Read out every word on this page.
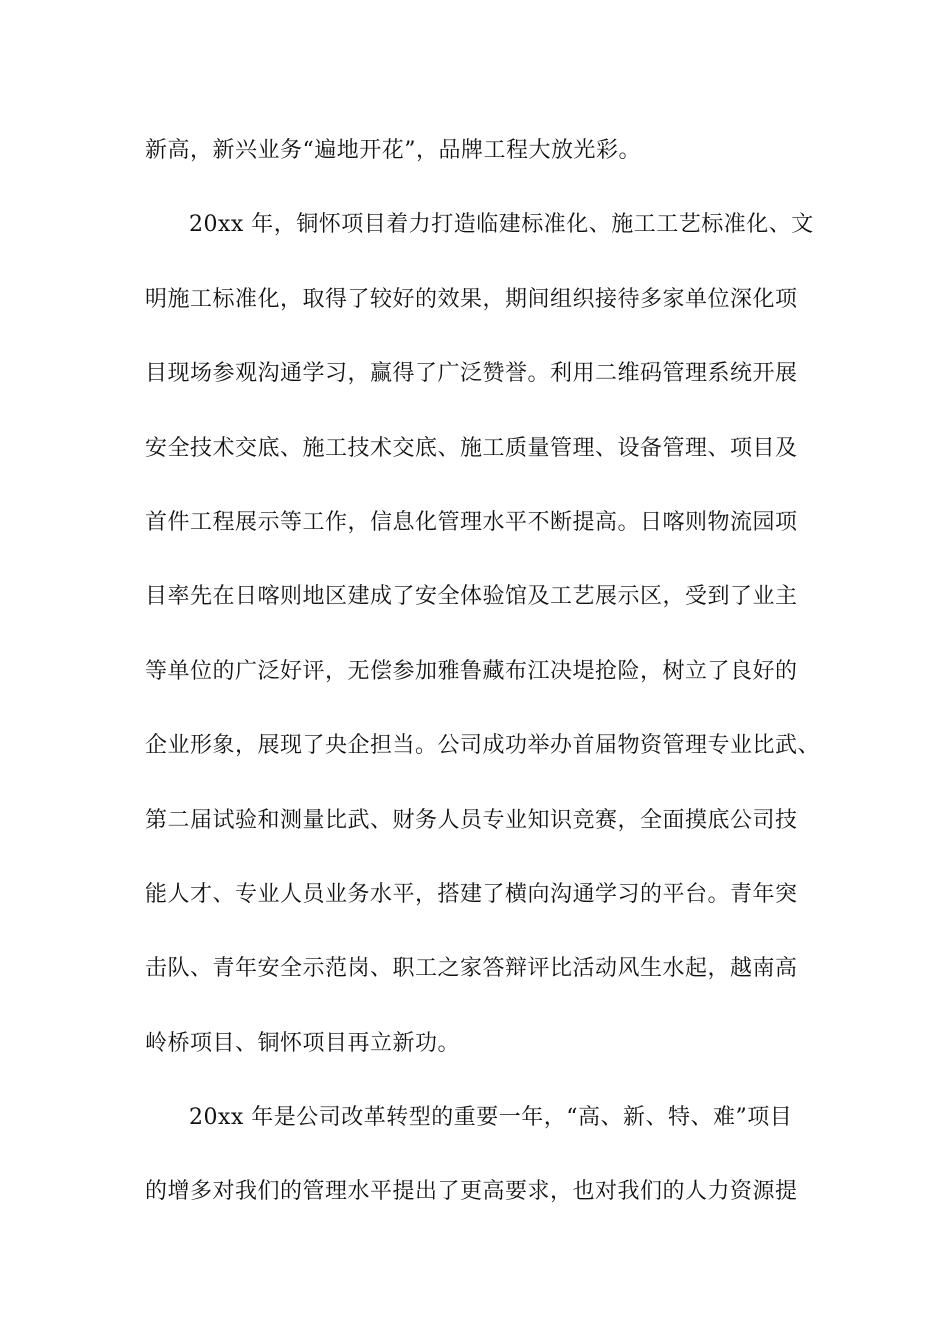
新高，新兴业务“遍地开花”，品牌工程大放光彩。
20xx 年，铜怀项目着力打造临建标准化、施工工艺标准化、文
明施工标准化，取得了较好的效果，期间组织接待多家单位深化项
目现场参观沟通学习，赢得了广泛赞誉。利用二维码管理系统开展
安全技术交底、施工技术交底、施工质量管理、设备管理、项目及
首件工程展示等工作，信息化管理水平不断提高。日喀则物流园项
目率先在日喀则地区建成了安全体验馆及工艺展示区，受到了业主
等单位的广泛好评，无偿参加雅鲁藏布江决堤抢险，树立了良好的
企业形象，展现了央企担当。公司成功举办首届物资管理专业比武、
第二届试验和测量比武、财务人员专业知识竞赛，全面摸底公司技
能人才、专业人员业务水平，搭建了横向沟通学习的平台。青年突
击队、青年安全示范岗、职工之家答辩评比活动风生水起，越南高
岭桥项目、铜怀项目再立新功。
20xx 年是公司改革转型的重要一年，“高、新、特、难”项目
的增多对我们的管理水平提出了更高要求，也对我们的人力资源提
